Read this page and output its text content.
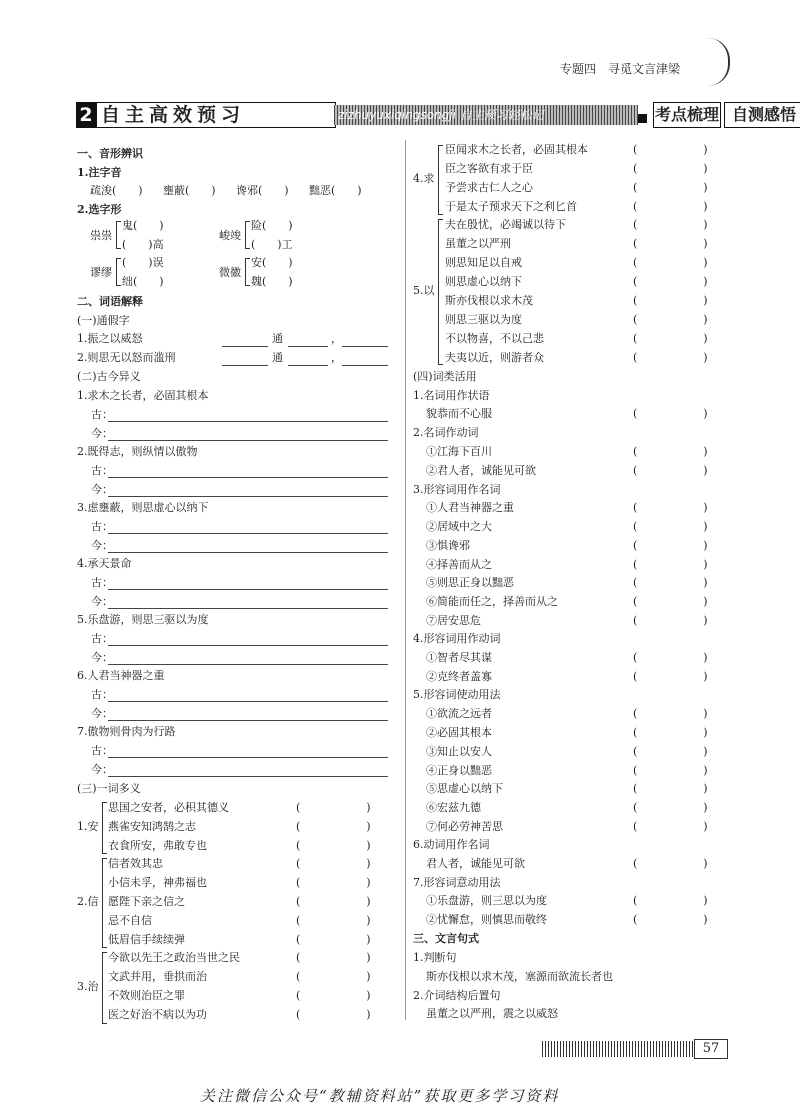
专题四　寻觅文言津梁
2 自主高效预习	zizhuyuxiqingsongji 自主预习轻松记	考点梳理 自测感悟
一、音形辨识
1.注字音
疏浚(　　) 壅蔽(　　) 谗邪(　　) 黜恶(　　)
2.选字形
祟祟
鬼(　　)
(　　)高
峻竣
险(　　)
(　　)工
谬缪
(　　)误
绌(　　)
微徽
安(　　)
魏(　　)
二、词语解释
(一)通假字
1.振之以威怒	通	，
2.则思无以怒而滥刑	通	，
(二)古今异义
1.求木之长者，必固其根本
古：
今：
2.既得志，则纵情以傲物
古：
今：
3.虑壅蔽，则思虚心以纳下
古：
今：
4.承天景命
古：
今：
5.乐盘游，则思三驱以为度
古：
今：
6.人君当神器之重
古：
今：
7.傲物则骨肉为行路
古：
今：
(三)一词多义
1.安
思国之安者，必积其德义	(　　　　　　)
燕雀安知鸿鹄之志	(　　　　　　)
衣食所安，弗敢专也	(　　　　　　)
2.信
信者效其忠	(　　　　　　)
小信未孚，神弗福也	(　　　　　　)
愿陛下亲之信之	(　　　　　　)
忌不自信	(　　　　　　)
低眉信手续续弹	(　　　　　　)
3.治
今欲以先王之政治当世之民	(　　　　　　)
文武并用，垂拱而治	(　　　　　　)
不效则治臣之罪	(　　　　　　)
医之好治不病以为功	(　　　　　　)
4.求
臣闻求木之长者，必固其根本	(　　　　　　)
臣之客欲有求于臣	(　　　　　　)
予尝求古仁人之心	(　　　　　　)
于是太子预求天下之利匕首	(　　　　　　)
5.以
夫在殷忧，必竭诚以待下	(　　　　　　)
虽董之以严刑	(　　　　　　)
则思知足以自戒	(　　　　　　)
则思虚心以纳下	(　　　　　　)
斯亦伐根以求木茂	(　　　　　　)
则思三驱以为度	(　　　　　　)
不以物喜，不以己悲	(　　　　　　)
夫夷以近，则游者众	(　　　　　　)
(四)词类活用
1.名词用作状语
貌恭而不心服	(　　　　　　)
2.名词作动词
①江海下百川	(　　　　　　)
②君人者，诚能见可欲	(　　　　　　)
3.形容词用作名词
①人君当神器之重	(　　　　　　)
②居域中之大	(　　　　　　)
③惧谗邪	(　　　　　　)
④择善而从之	(　　　　　　)
⑤则思正身以黜恶	(　　　　　　)
⑥简能而任之，择善而从之	(　　　　　　)
⑦居安思危	(　　　　　　)
4.形容词用作动词
①智者尽其谋	(　　　　　　)
②克终者盖寡	(　　　　　　)
5.形容词使动用法
①欲流之远者	(　　　　　　)
②必固其根本	(　　　　　　)
③知止以安人	(　　　　　　)
④正身以黜恶	(　　　　　　)
⑤思虚心以纳下	(　　　　　　)
⑥宏兹九德	(　　　　　　)
⑦何必劳神苦思	(　　　　　　)
6.动词用作名词
君人者，诚能见可欲	(　　　　　　)
7.形容词意动用法
①乐盘游，则三思以为度	(　　　　　　)
②忧懈怠，则慎思而敬终	(　　　　　　)
三、文言句式
1.判断句
斯亦伐根以求木茂，塞源而欲流长者也
2.介词结构后置句
虽董之以严刑，震之以威怒
57
关注微信公众号“教辅资料站”获取更多学习资料
